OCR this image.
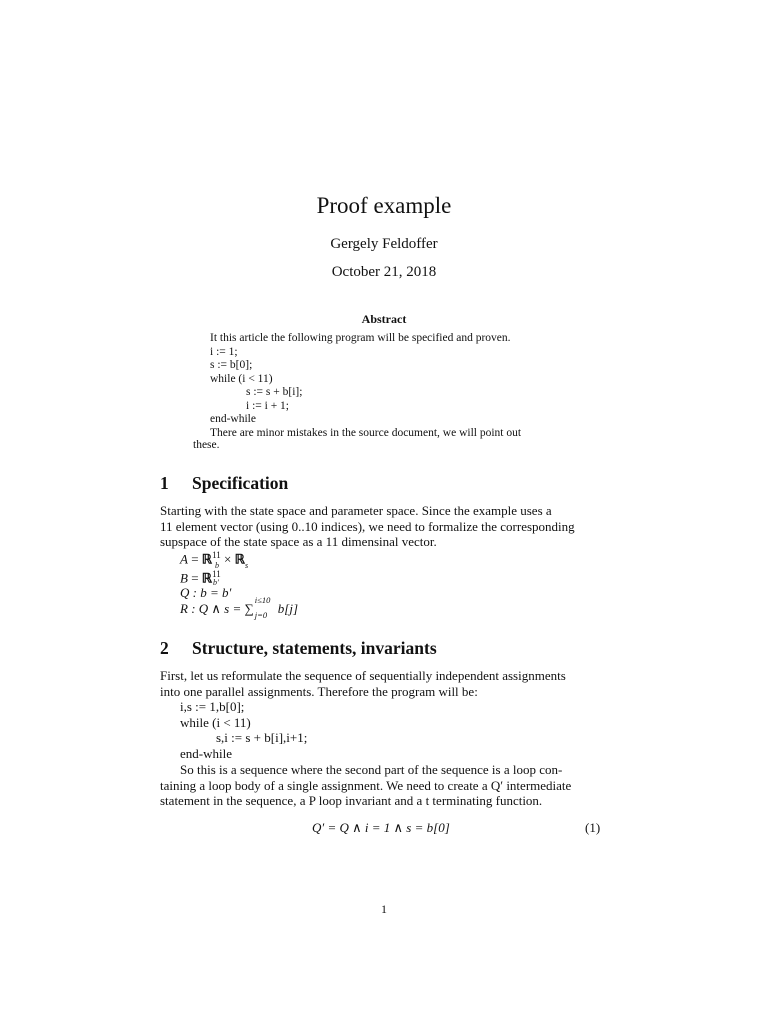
Proof example
Gergely Feldoffer
October 21, 2018
Abstract
It this article the following program will be specified and proven.
i := 1;
s := b[0];
while (i < 11)
s := s + b[i];
i := i + 1;
end-while
There are minor mistakes in the source document, we will point out
these.
1 Specification
Starting with the state space and parameter space. Since the example uses a
11 element vector (using 0..10 indices), we need to formalize the corresponding
supspace of the state space as a 11 dimensinal vector.
A = ℝ$^{11}$ × ℝ
b	s
B = ℝ$^{11}$
b′
Q : b = b′
R : Q ∧ s = ∑
i≤10
j=0 b[j]
2 Structure, statements, invariants
First, let us reformulate the sequence of sequentially independent assignments
into one parallel assignments. Therefore the program will be:
i,s := 1,b[0];
while (i < 11)
s,i := s + b[i],i+1;
end-while
So this is a sequence where the second part of the sequence is a loop con-
taining a loop body of a single assignment. We need to create a Q′ intermediate
statement in the sequence, a P loop invariant and a t terminating function.
Q′ = Q ∧ i = 1 ∧ s = b[0]	(1)
1
